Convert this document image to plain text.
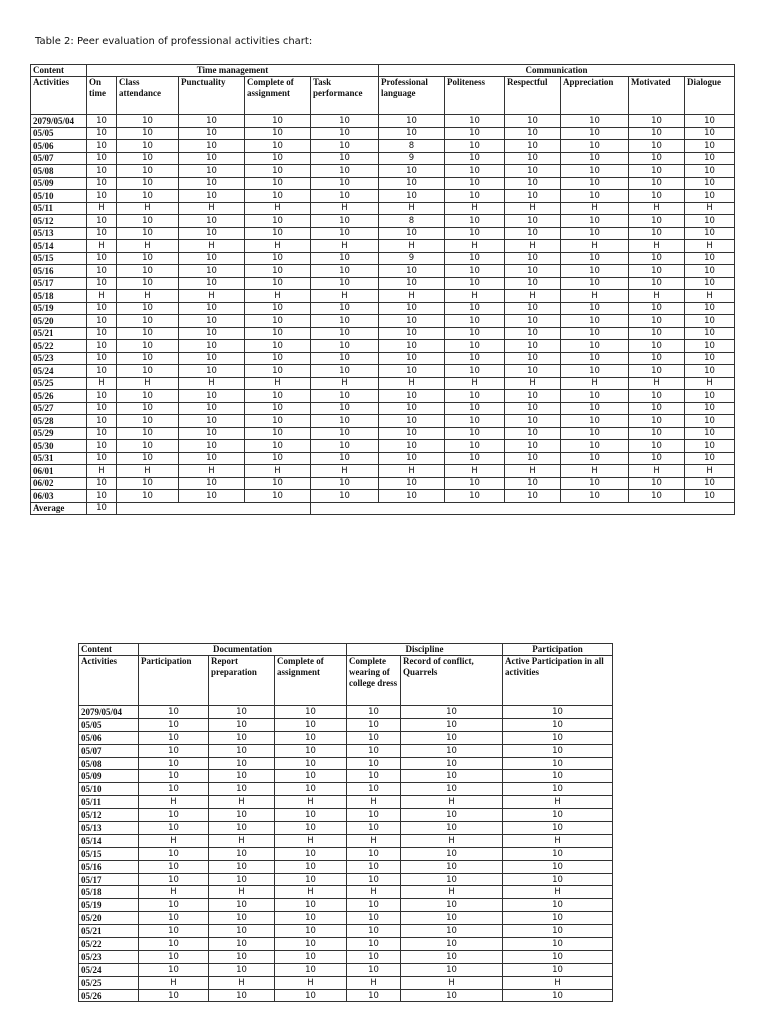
Table 2: Peer evaluation of professional activities chart:
Content	Time management					Communication					
Activities	On time	Class attendance	Punctuality	Complete of assignment	Task performance	Professional language	Politeness	Respectful	Appreciation	Motivated	Dialogue
2079/05/04	10	10	10	10	10	10	10	10	10	10	10
05/05	10	10	10	10	10	10	10	10	10	10	10
05/06	10	10	10	10	10	8	10	10	10	10	10
05/07	10	10	10	10	10	9	10	10	10	10	10
05/08	10	10	10	10	10	10	10	10	10	10	10
05/09	10	10	10	10	10	10	10	10	10	10	10
05/10	10	10	10	10	10	10	10	10	10	10	10
05/11	H	H	H	H	H	H	H	H	H	H	H
05/12	10	10	10	10	10	8	10	10	10	10	10
05/13	10	10	10	10	10	10	10	10	10	10	10
05/14	H	H	H	H	H	H	H	H	H	H	H
05/15	10	10	10	10	10	9	10	10	10	10	10
05/16	10	10	10	10	10	10	10	10	10	10	10
05/17	10	10	10	10	10	10	10	10	10	10	10
05/18	H	H	H	H	H	H	H	H	H	H	H
05/19	10	10	10	10	10	10	10	10	10	10	10
05/20	10	10	10	10	10	10	10	10	10	10	10
05/21	10	10	10	10	10	10	10	10	10	10	10
05/22	10	10	10	10	10	10	10	10	10	10	10
05/23	10	10	10	10	10	10	10	10	10	10	10
05/24	10	10	10	10	10	10	10	10	10	10	10
05/25	H	H	H	H	H	H	H	H	H	H	H
05/26	10	10	10	10	10	10	10	10	10	10	10
05/27	10	10	10	10	10	10	10	10	10	10	10
05/28	10	10	10	10	10	10	10	10	10	10	10
05/29	10	10	10	10	10	10	10	10	10	10	10
05/30	10	10	10	10	10	10	10	10	10	10	10
05/31	10	10	10	10	10	10	10	10	10	10	10
06/01	H	H	H	H	H	H	H	H	H	H	H
06/02	10	10	10	10	10	10	10	10	10	10	10
06/03	10	10	10	10	10	10	10	10	10	10	10
Average	10										
Content	Documentation			Discipline		Participation
Activities	Participation	Report preparation	Complete of assignment	Complete wearing of college dress	Record of conflict, Quarrels	Active Participation in all activities
2079/05/04	10	10	10	10	10	10
05/05	10	10	10	10	10	10
05/06	10	10	10	10	10	10
05/07	10	10	10	10	10	10
05/08	10	10	10	10	10	10
05/09	10	10	10	10	10	10
05/10	10	10	10	10	10	10
05/11	H	H	H	H	H	H
05/12	10	10	10	10	10	10
05/13	10	10	10	10	10	10
05/14	H	H	H	H	H	H
05/15	10	10	10	10	10	10
05/16	10	10	10	10	10	10
05/17	10	10	10	10	10	10
05/18	H	H	H	H	H	H
05/19	10	10	10	10	10	10
05/20	10	10	10	10	10	10
05/21	10	10	10	10	10	10
05/22	10	10	10	10	10	10
05/23	10	10	10	10	10	10
05/24	10	10	10	10	10	10
05/25	H	H	H	H	H	H
05/26	10	10	10	10	10	10
